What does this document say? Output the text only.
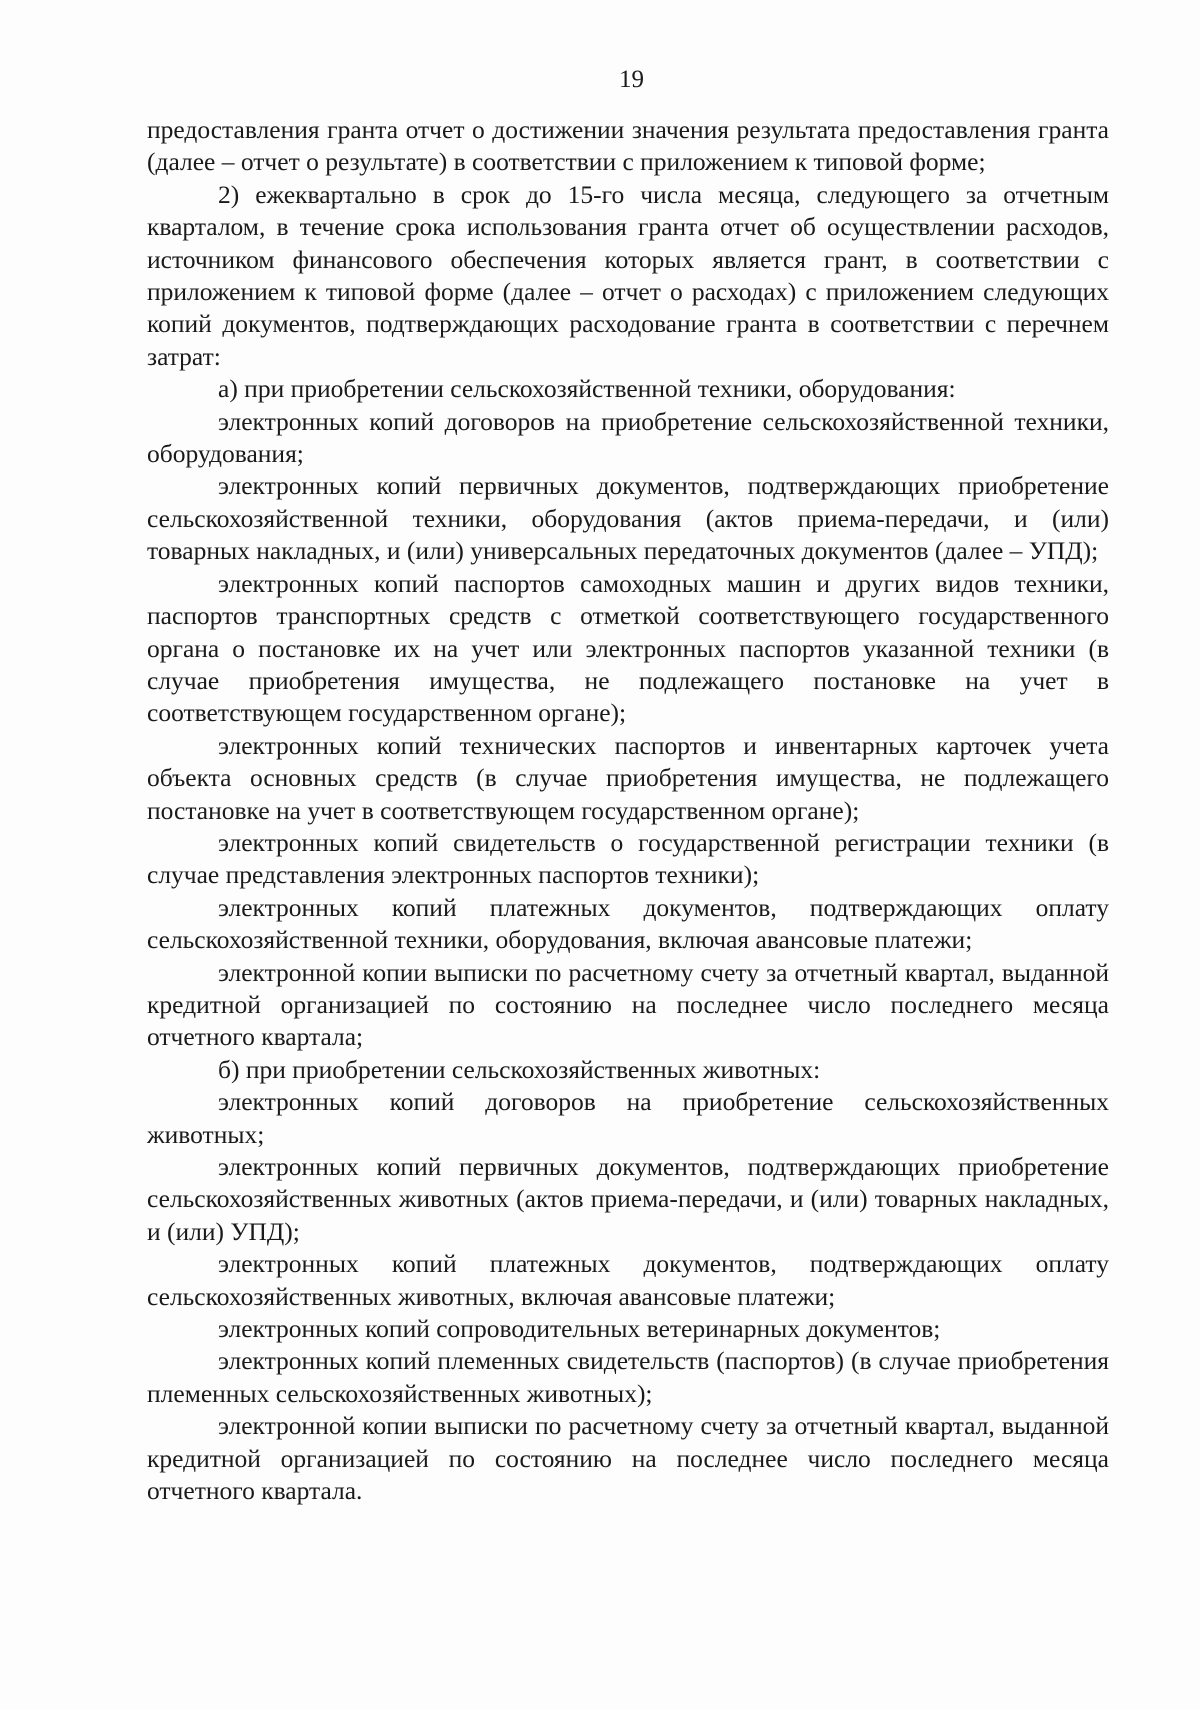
19

предоставления гранта отчет о достижении значения результата предоставления гранта (далее – отчет о результате) в соответствии с приложением к типовой форме;

2) ежеквартально в срок до 15-го числа месяца, следующего за отчетным кварталом, в течение срока использования гранта отчет об осуществлении расходов, источником финансового обеспечения которых является грант, в соответствии с приложением к типовой форме (далее – отчет о расходах) с приложением следующих копий документов, подтверждающих расходование гранта в соответствии с перечнем затрат:

а) при приобретении сельскохозяйственной техники, оборудования:

электронных копий договоров на приобретение сельскохозяйственной техники, оборудования;

электронных копий первичных документов, подтверждающих приобретение сельскохозяйственной техники, оборудования (актов приема-передачи, и (или) товарных накладных, и (или) универсальных передаточных документов (далее – УПД);

электронных копий паспортов самоходных машин и других видов техники, паспортов транспортных средств с отметкой соответствующего государственного органа о постановке их на учет или электронных паспортов указанной техники (в случае приобретения имущества, не подлежащего постановке на учет в соответствующем государственном органе);

электронных копий технических паспортов и инвентарных карточек учета объекта основных средств (в случае приобретения имущества, не подлежащего постановке на учет в соответствующем государственном органе);

электронных копий свидетельств о государственной регистрации техники (в случае представления электронных паспортов техники);

электронных копий платежных документов, подтверждающих оплату сельскохозяйственной техники, оборудования, включая авансовые платежи;

электронной копии выписки по расчетному счету за отчетный квартал, выданной кредитной организацией по состоянию на последнее число последнего месяца отчетного квартала;

б) при приобретении сельскохозяйственных животных:

электронных копий договоров на приобретение сельскохозяйственных животных;

электронных копий первичных документов, подтверждающих приобретение сельскохозяйственных животных (актов приема-передачи, и (или) товарных накладных, и (или) УПД);

электронных копий платежных документов, подтверждающих оплату сельскохозяйственных животных, включая авансовые платежи;

электронных копий сопроводительных ветеринарных документов;

электронных копий племенных свидетельств (паспортов) (в случае приобретения племенных сельскохозяйственных животных);

электронной копии выписки по расчетному счету за отчетный квартал, выданной кредитной организацией по состоянию на последнее число последнего месяца отчетного квартала.
